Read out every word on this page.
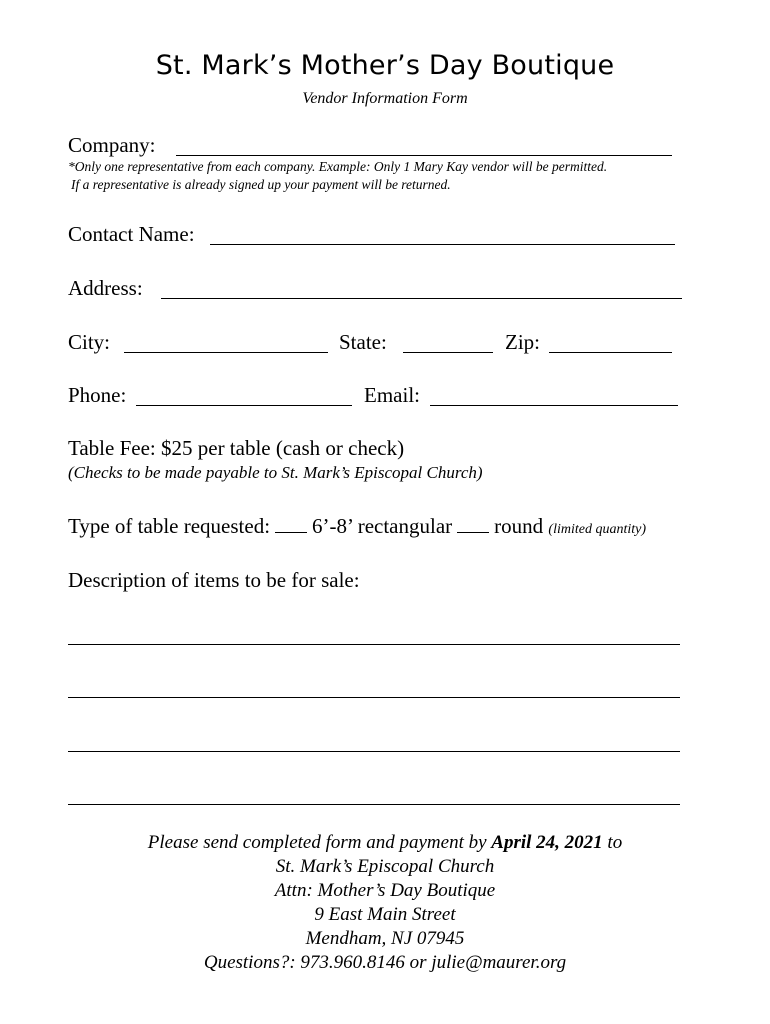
St. Mark’s Mother’s Day Boutique
Vendor Information Form
Company:
*Only one representative from each company. Example: Only 1 Mary Kay vendor will be permitted.
If a representative is already signed up your payment will be returned.
Contact Name:
Address:
City:	State:	Zip:
Phone:	Email:
Table Fee: $25 per table (cash or check)
(Checks to be made payable to St. Mark’s Episcopal Church)
Type of table requested: 6’-8’ rectangular round (limited quantity)
Description of items to be for sale:
Please send completed form and payment by April 24, 2021 to
St. Mark’s Episcopal Church
Attn: Mother’s Day Boutique
9 East Main Street
Mendham, NJ 07945
Questions?: 973.960.8146 or julie@maurer.org
